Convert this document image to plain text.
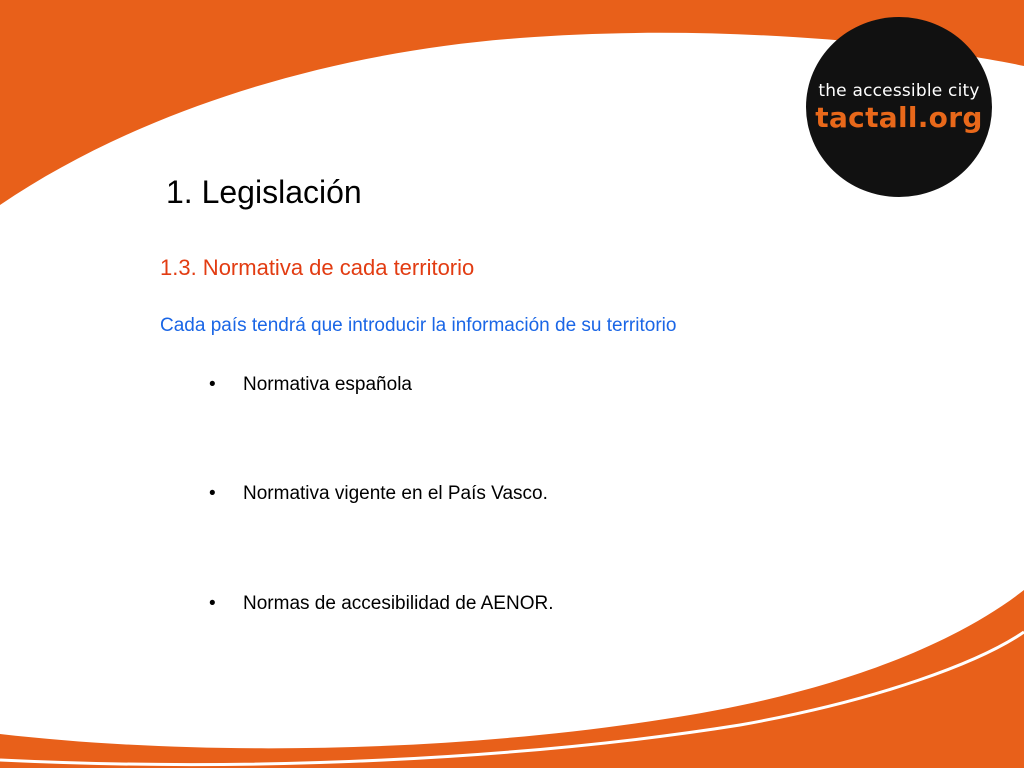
the accessible city
tactall.org
1. Legislación
1.3. Normativa de cada territorio
Cada país tendrá que introducir la información de su territorio
• Normativa española
• Normativa vigente en el País Vasco.
• Normas de accesibilidad de AENOR.
